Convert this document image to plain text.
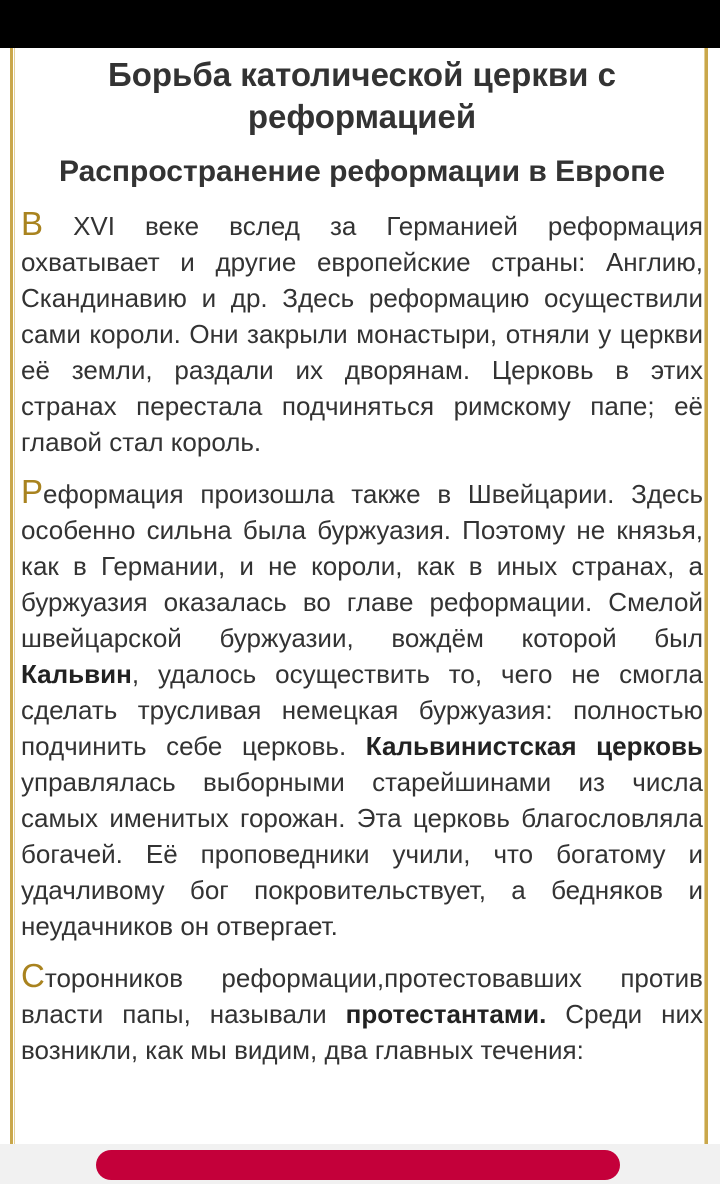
Борьба католической церкви с реформацией
Распространение реформации в Европе

В XVI веке вслед за Германией реформация охватывает и другие европейские страны: Англию, Скандинавию и др. Здесь реформацию осуществили сами короли. Они закрыли монастыри, отняли у церкви её земли, раздали их дворянам. Церковь в этих странах перестала подчиняться римскому папе; её главой стал король.

Реформация произошла также в Швейцарии. Здесь особенно сильна была буржуазия. Поэтому не князья, как в Германии, и не короли, как в иных странах, а буржуазия оказалась во главе реформации. Смелой швейцарской буржуазии, вождём которой был Кальвин, удалось осуществить то, чего не смогла сделать трусливая немецкая буржуазия: полностью подчинить себе церковь. Кальвинистская церковь управлялась выборными старейшинами из числа самых именитых горожан. Эта церковь благословляла богачей. Её проповедники учили, что богатому и удачливому бог покровительствует, а бедняков и неудачников он отвергает.

Сторонников реформации,протестовавших против власти папы, называли протестантами. Среди них возникли, как мы видим, два главных течения:
